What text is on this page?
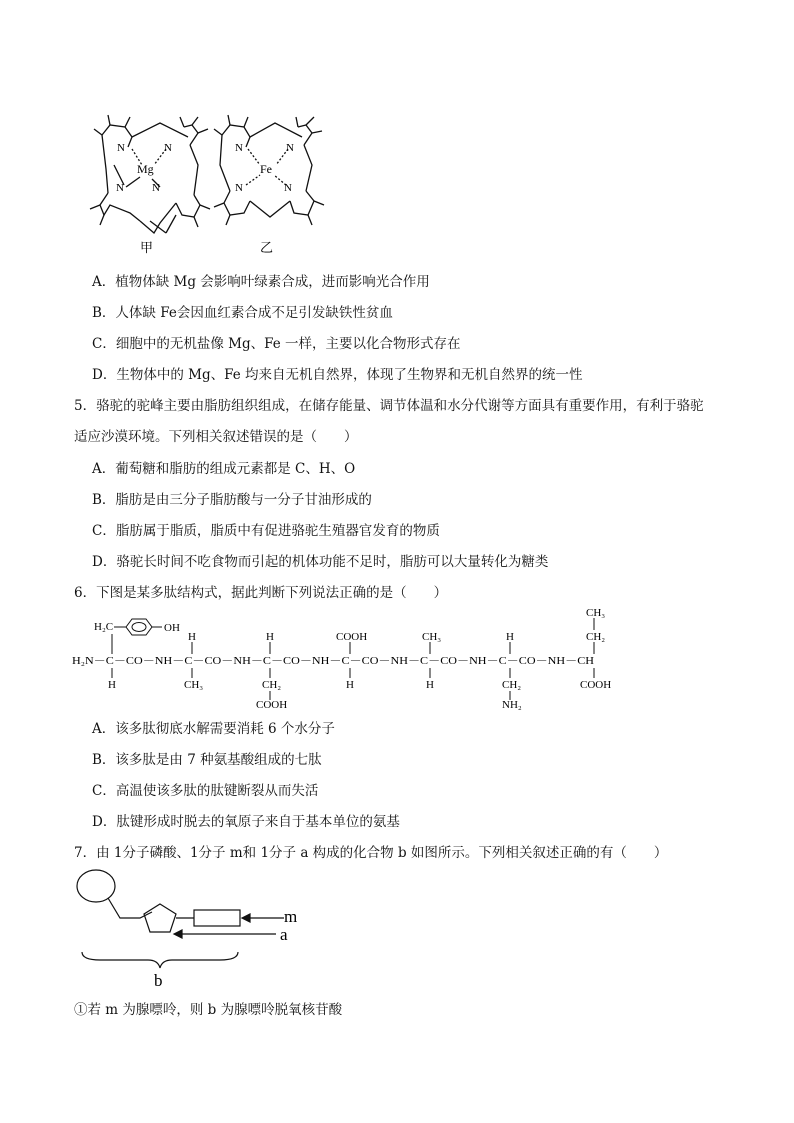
N	N
Mg
N	N
甲
N	N
Fe
N	N
乙
A．植物体缺 Mg 会影响叶绿素合成，进而影响光合作用
B．人体缺 Fe会因血红素合成不足引发缺铁性贫血
C．细胞中的无机盐像 Mg、Fe 一样，主要以化合物形式存在
D．生物体中的 Mg、Fe 均来自无机自然界，体现了生物界和无机自然界的统一性
5．骆驼的驼峰主要由脂肪组织组成，在储存能量、调节体温和水分代谢等方面具有重要作用，有利于骆驼
适应沙漠环境。下列相关叙述错误的是（　　）
A．葡萄糖和脂肪的组成元素都是 C、H、O
B．脂肪是由三分子脂肪酸与一分子甘油形成的
C．脂肪属于脂质，脂质中有促进骆驼生殖器官发育的物质
D．骆驼长时间不吃食物而引起的机体功能不足时，脂肪可以大量转化为糖类
6．下图是某多肽结构式，据此判断下列说法正确的是（　　）
H₂N－C－CO－NH－C－CO－NH－C－CO－NH－C－CO－NH－C－CO－NH－C－CO－NH－CH
H₂C	OH
H	H	COOH	CH₃	H
CH₃
CH₂
H	CH₃	CH₂
COOH
H	H	CH₂
NH₂
COOH
A．该多肽彻底水解需要消耗 6 个水分子
B．该多肽是由 7 种氨基酸组成的七肽
C．高温使该多肽的肽键断裂从而失活
D．肽键形成时脱去的氧原子来自于基本单位的氨基
7．由 1分子磷酸、1分子 m和 1分子 a 构成的化合物 b 如图所示。下列相关叙述正确的有（　　）
m
a
b
①若 m 为腺嘌呤，则 b 为腺嘌呤脱氧核苷酸
